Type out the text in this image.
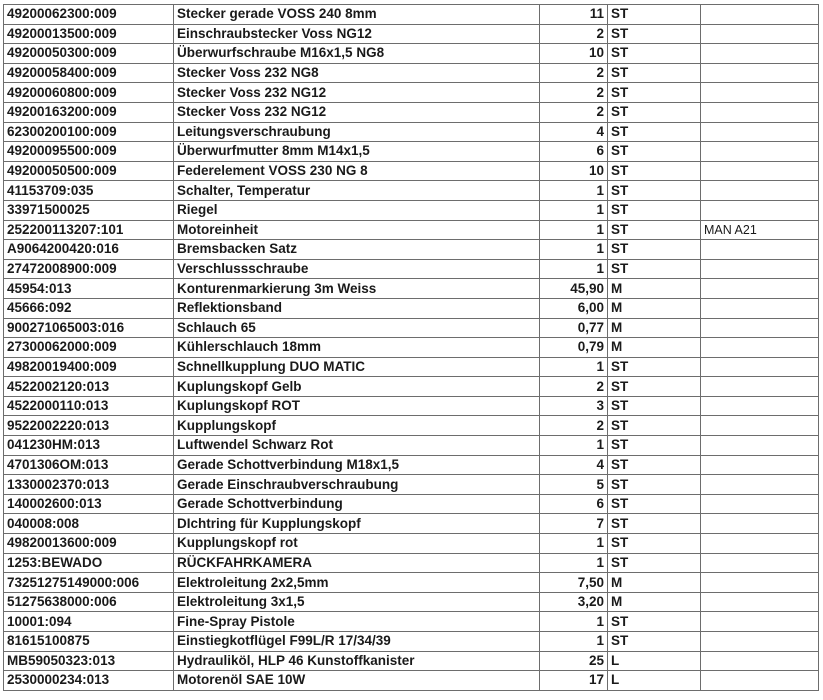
49200062300:009	Stecker gerade VOSS 240 8mm	11	ST	
49200013500:009	Einschraubstecker Voss NG12	2	ST	
49200050300:009	Überwurfschraube M16x1,5 NG8	10	ST	
49200058400:009	Stecker Voss 232 NG8	2	ST	
49200060800:009	Stecker Voss 232 NG12	2	ST	
49200163200:009	Stecker Voss 232 NG12	2	ST	
62300200100:009	Leitungsverschraubung	4	ST	
49200095500:009	Überwurfmutter 8mm M14x1,5	6	ST	
49200050500:009	Federelement VOSS 230 NG 8	10	ST	
41153709:035	Schalter, Temperatur	1	ST	
33971500025	Riegel	1	ST	
252200113207:101	Motoreinheit	1	ST	MAN A21
A9064200420:016	Bremsbacken Satz	1	ST	
27472008900:009	Verschlussschraube	1	ST	
45954:013	Konturenmarkierung 3m Weiss	45,90	M	
45666:092	Reflektionsband	6,00	M	
900271065003:016	Schlauch 65	0,77	M	
27300062000:009	Kühlerschlauch 18mm	0,79	M	
49820019400:009	Schnellkupplung DUO MATIC	1	ST	
4522002120:013	Kuplungskopf Gelb	2	ST	
4522000110:013	Kuplungskopf ROT	3	ST	
9522002220:013	Kupplungskopf	2	ST	
041230HM:013	Luftwendel Schwarz Rot	1	ST	
4701306OM:013	Gerade Schottverbindung M18x1,5	4	ST	
1330002370:013	Gerade Einschraubverschraubung	5	ST	
140002600:013	Gerade Schottverbindung	6	ST	
040008:008	DIchtring für Kupplungskopf	7	ST	
49820013600:009	Kupplungskopf rot	1	ST	
1253:BEWADO	RÜCKFAHRKAMERA	1	ST	
73251275149000:006	Elektroleitung 2x2,5mm	7,50	M	
51275638000:006	Elektroleitung 3x1,5	3,20	M	
10001:094	Fine-Spray Pistole	1	ST	
81615100875	Einstiegkotflügel F99L/R 17/34/39	1	ST	
MB59050323:013	Hydrauliköl, HLP 46 Kunstoffkanister	25	L	
2530000234:013	Motorenöl SAE 10W	17	L	
